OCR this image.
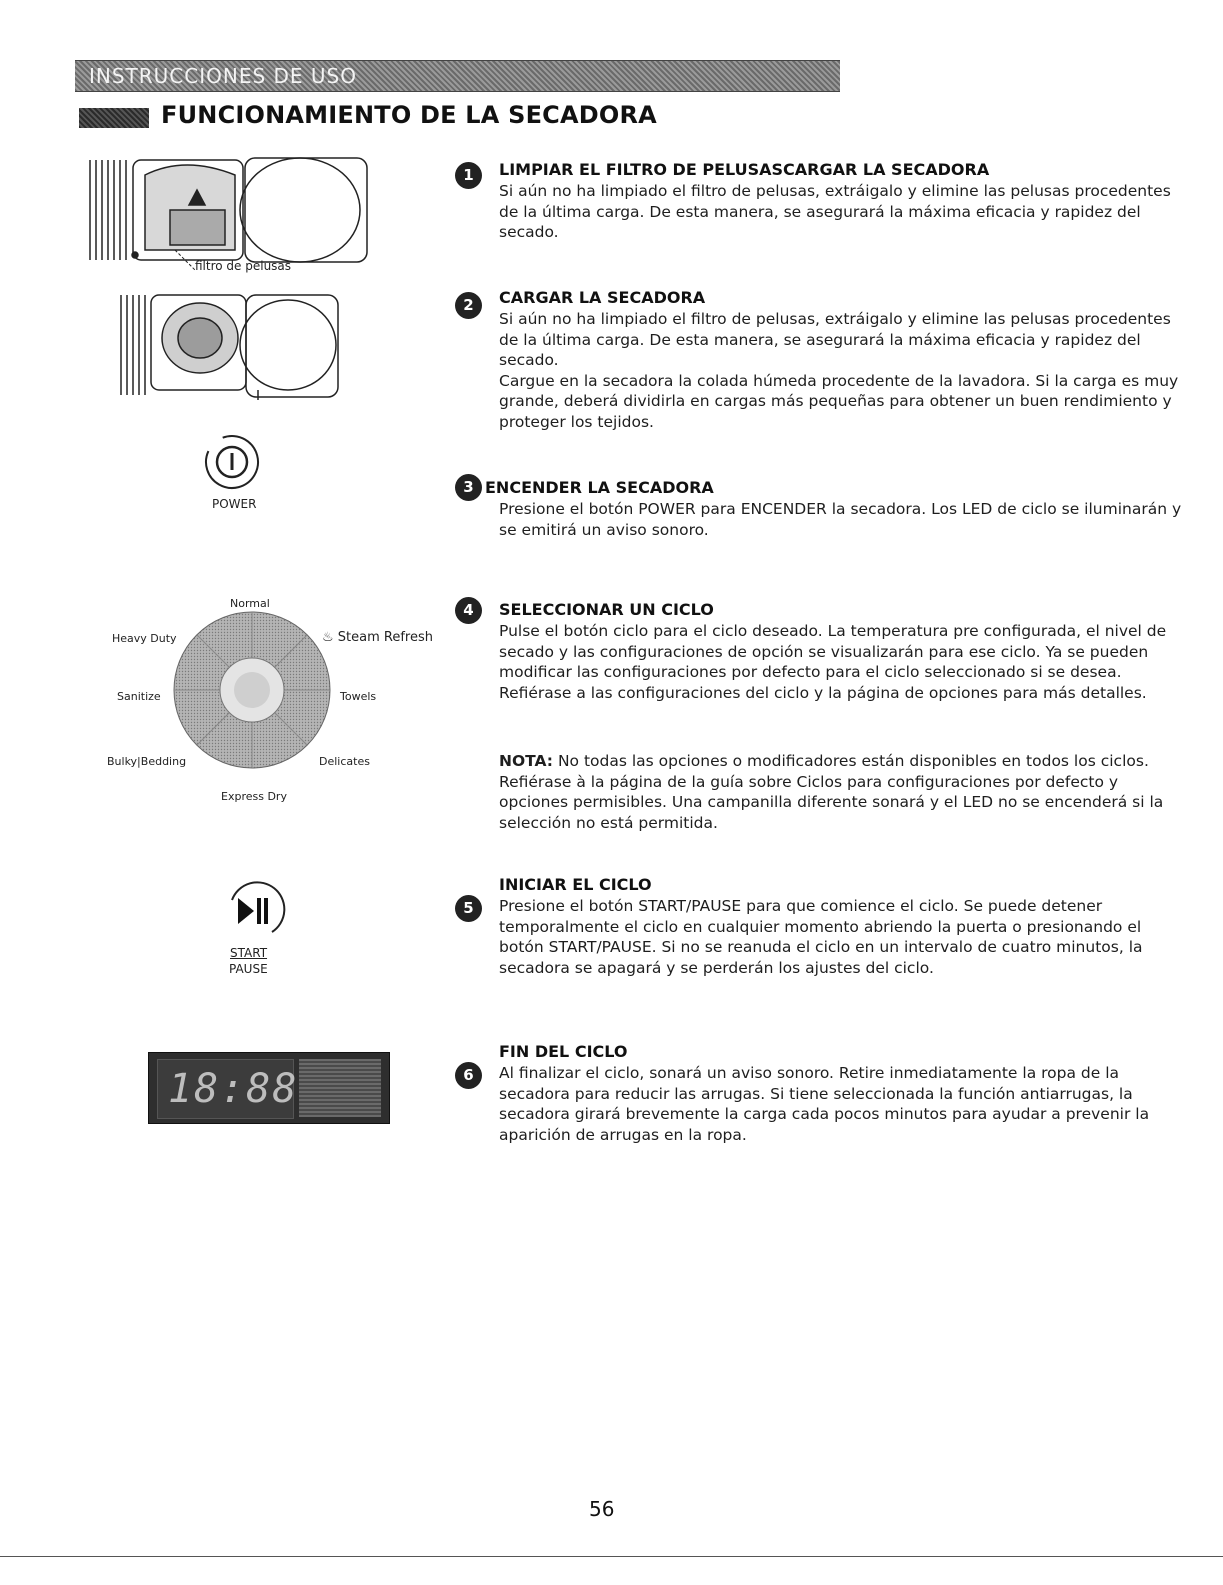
INSTRUCCIONES DE USO
FUNCIONAMIENTO DE LA SECADORA
filtro de pelusas
POWER
Normal
Heavy Duty	♨ Steam Refresh
Sanitize	Towels
Bulky|Bedding	Delicates
Express Dry
START
PAUSE
18:88
1	LIMPIAR EL FILTRO DE PELUSASCARGAR LA SECADORA

Si aún no ha limpiado el filtro de pelusas, extráigalo y elimine las pelusas procedentes de la última carga. De esta manera, se asegurará la máxima eficacia y rapidez del secado.

2	CARGAR LA SECADORA

Si aún no ha limpiado el filtro de pelusas, extráigalo y elimine las pelusas procedentes de la última carga. De esta manera, se asegurará la máxima eficacia y rapidez del secado.

Cargue en la secadora la colada húmeda procedente de la lavadora. Si la carga es muy grande, deberá dividirla en cargas más pequeñas para obtener un buen rendimiento y proteger los tejidos.

3 ENCENDER LA SECADORA

Presione el botón POWER para ENCENDER la secadora. Los LED de ciclo se iluminarán y se emitirá un aviso sonoro.

4	SELECCIONAR UN CICLO

Pulse el botón ciclo para el ciclo deseado. La temperatura pre configurada, el nivel de secado y las configuraciones de opción se visualizarán para ese ciclo. Ya se pueden modificar las configuraciones por defecto para el ciclo seleccionado si se desea. Refiérase a las configuraciones del ciclo y la página de opciones para más detalles.

NOTA: No todas las opciones o modificadores están disponibles en todos los ciclos. Refiérase à la página de la guía sobre Ciclos para configuraciones por defecto y opciones permisibles. Una campanilla diferente sonará y el LED no se encenderá si la selección no está permitida.

5
INICIAR EL CICLO

Presione el botón START/PAUSE para que comience el ciclo. Se puede detener temporalmente el ciclo en cualquier momento abriendo la puerta o presionando el botón START/PAUSE. Si no se reanuda el ciclo en un intervalo de cuatro minutos, la secadora se apagará y se perderán los ajustes del ciclo.

6
FIN DEL CICLO

Al finalizar el ciclo, sonará un aviso sonoro. Retire inmediatamente la ropa de la secadora para reducir las arrugas. Si tiene seleccionada la función antiarrugas, la secadora girará brevemente la carga cada pocos minutos para ayudar a prevenir la aparición de arrugas en la ropa.

56
